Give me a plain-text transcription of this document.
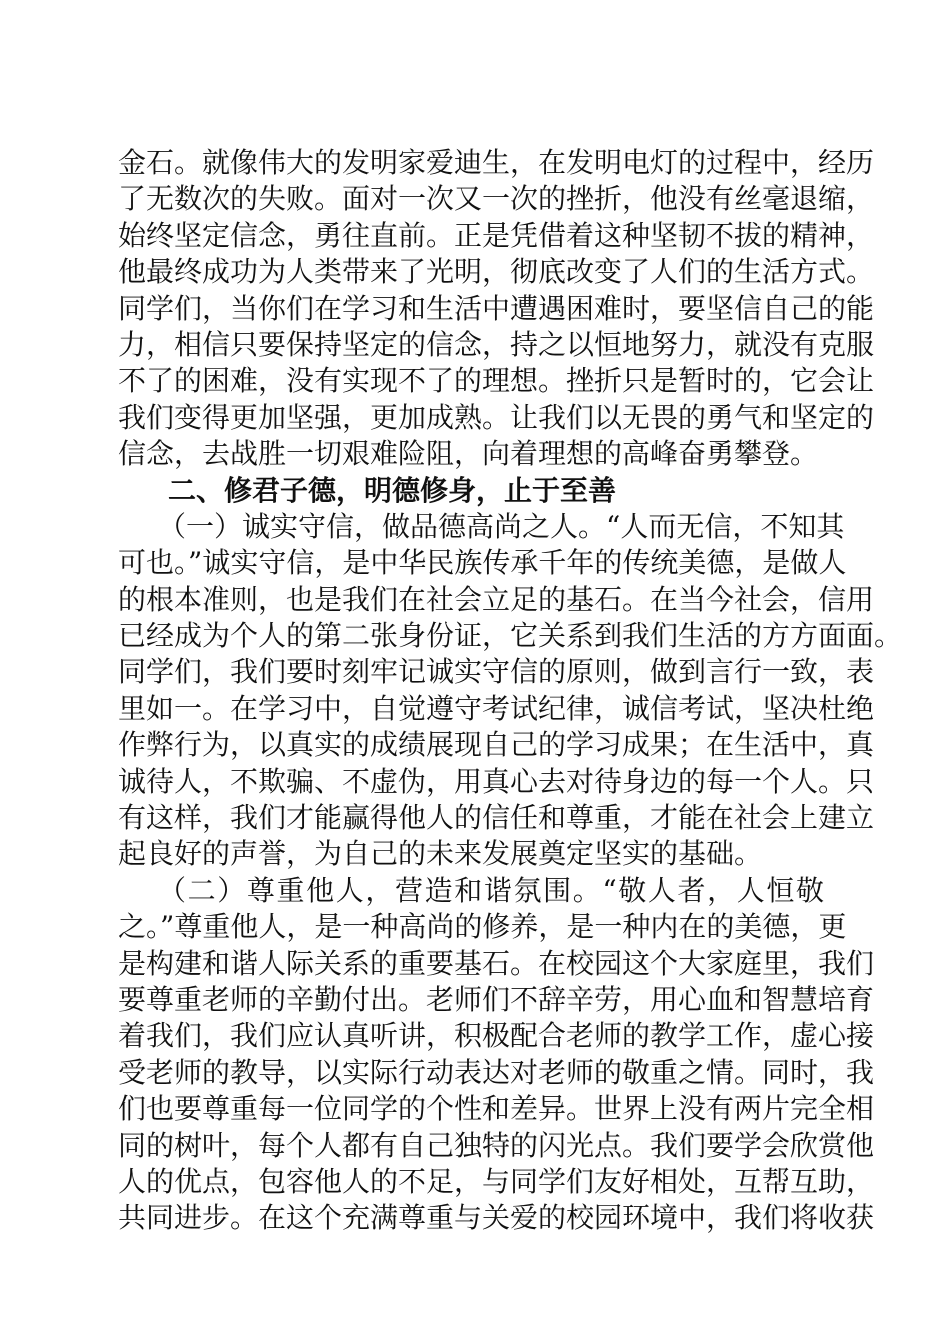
金石。就像伟大的发明家爱迪生，在发明电灯的过程中，经历
了无数次的失败。面对一次又一次的挫折，他没有丝毫退缩，
始终坚定信念，勇往直前。正是凭借着这种坚韧不拔的精神，
他最终成功为人类带来了光明，彻底改变了人们的生活方式。
同学们，当你们在学习和生活中遭遇困难时，要坚信自己的能
力，相信只要保持坚定的信念，持之以恒地努力，就没有克服
不了的困难，没有实现不了的理想。挫折只是暂时的，它会让
我们变得更加坚强，更加成熟。让我们以无畏的勇气和坚定的
信念，去战胜一切艰难险阻，向着理想的高峰奋勇攀登。
二、修君子德，明德修身，止于至善
（一）诚实守信，做品德高尚之人。“人而无信，不知其
可也。”诚实守信，是中华民族传承千年的传统美德，是做人
的根本准则，也是我们在社会立足的基石。在当今社会，信用
已经成为个人的第二张身份证，它关系到我们生活的方方面面。
同学们，我们要时刻牢记诚实守信的原则，做到言行一致，表
里如一。在学习中，自觉遵守考试纪律，诚信考试，坚决杜绝
作弊行为，以真实的成绩展现自己的学习成果；在生活中，真
诚待人，不欺骗、不虚伪，用真心去对待身边的每一个人。只
有这样，我们才能赢得他人的信任和尊重，才能在社会上建立
起良好的声誉，为自己的未来发展奠定坚实的基础。
（二）尊重他人，营造和谐氛围。“敬人者，人恒敬
之。”尊重他人，是一种高尚的修养，是一种内在的美德，更
是构建和谐人际关系的重要基石。在校园这个大家庭里，我们
要尊重老师的辛勤付出。老师们不辞辛劳，用心血和智慧培育
着我们，我们应认真听讲，积极配合老师的教学工作，虚心接
受老师的教导，以实际行动表达对老师的敬重之情。同时，我
们也要尊重每一位同学的个性和差异。世界上没有两片完全相
同的树叶，每个人都有自己独特的闪光点。我们要学会欣赏他
人的优点，包容他人的不足，与同学们友好相处，互帮互助，
共同进步。在这个充满尊重与关爱的校园环境中，我们将收获
